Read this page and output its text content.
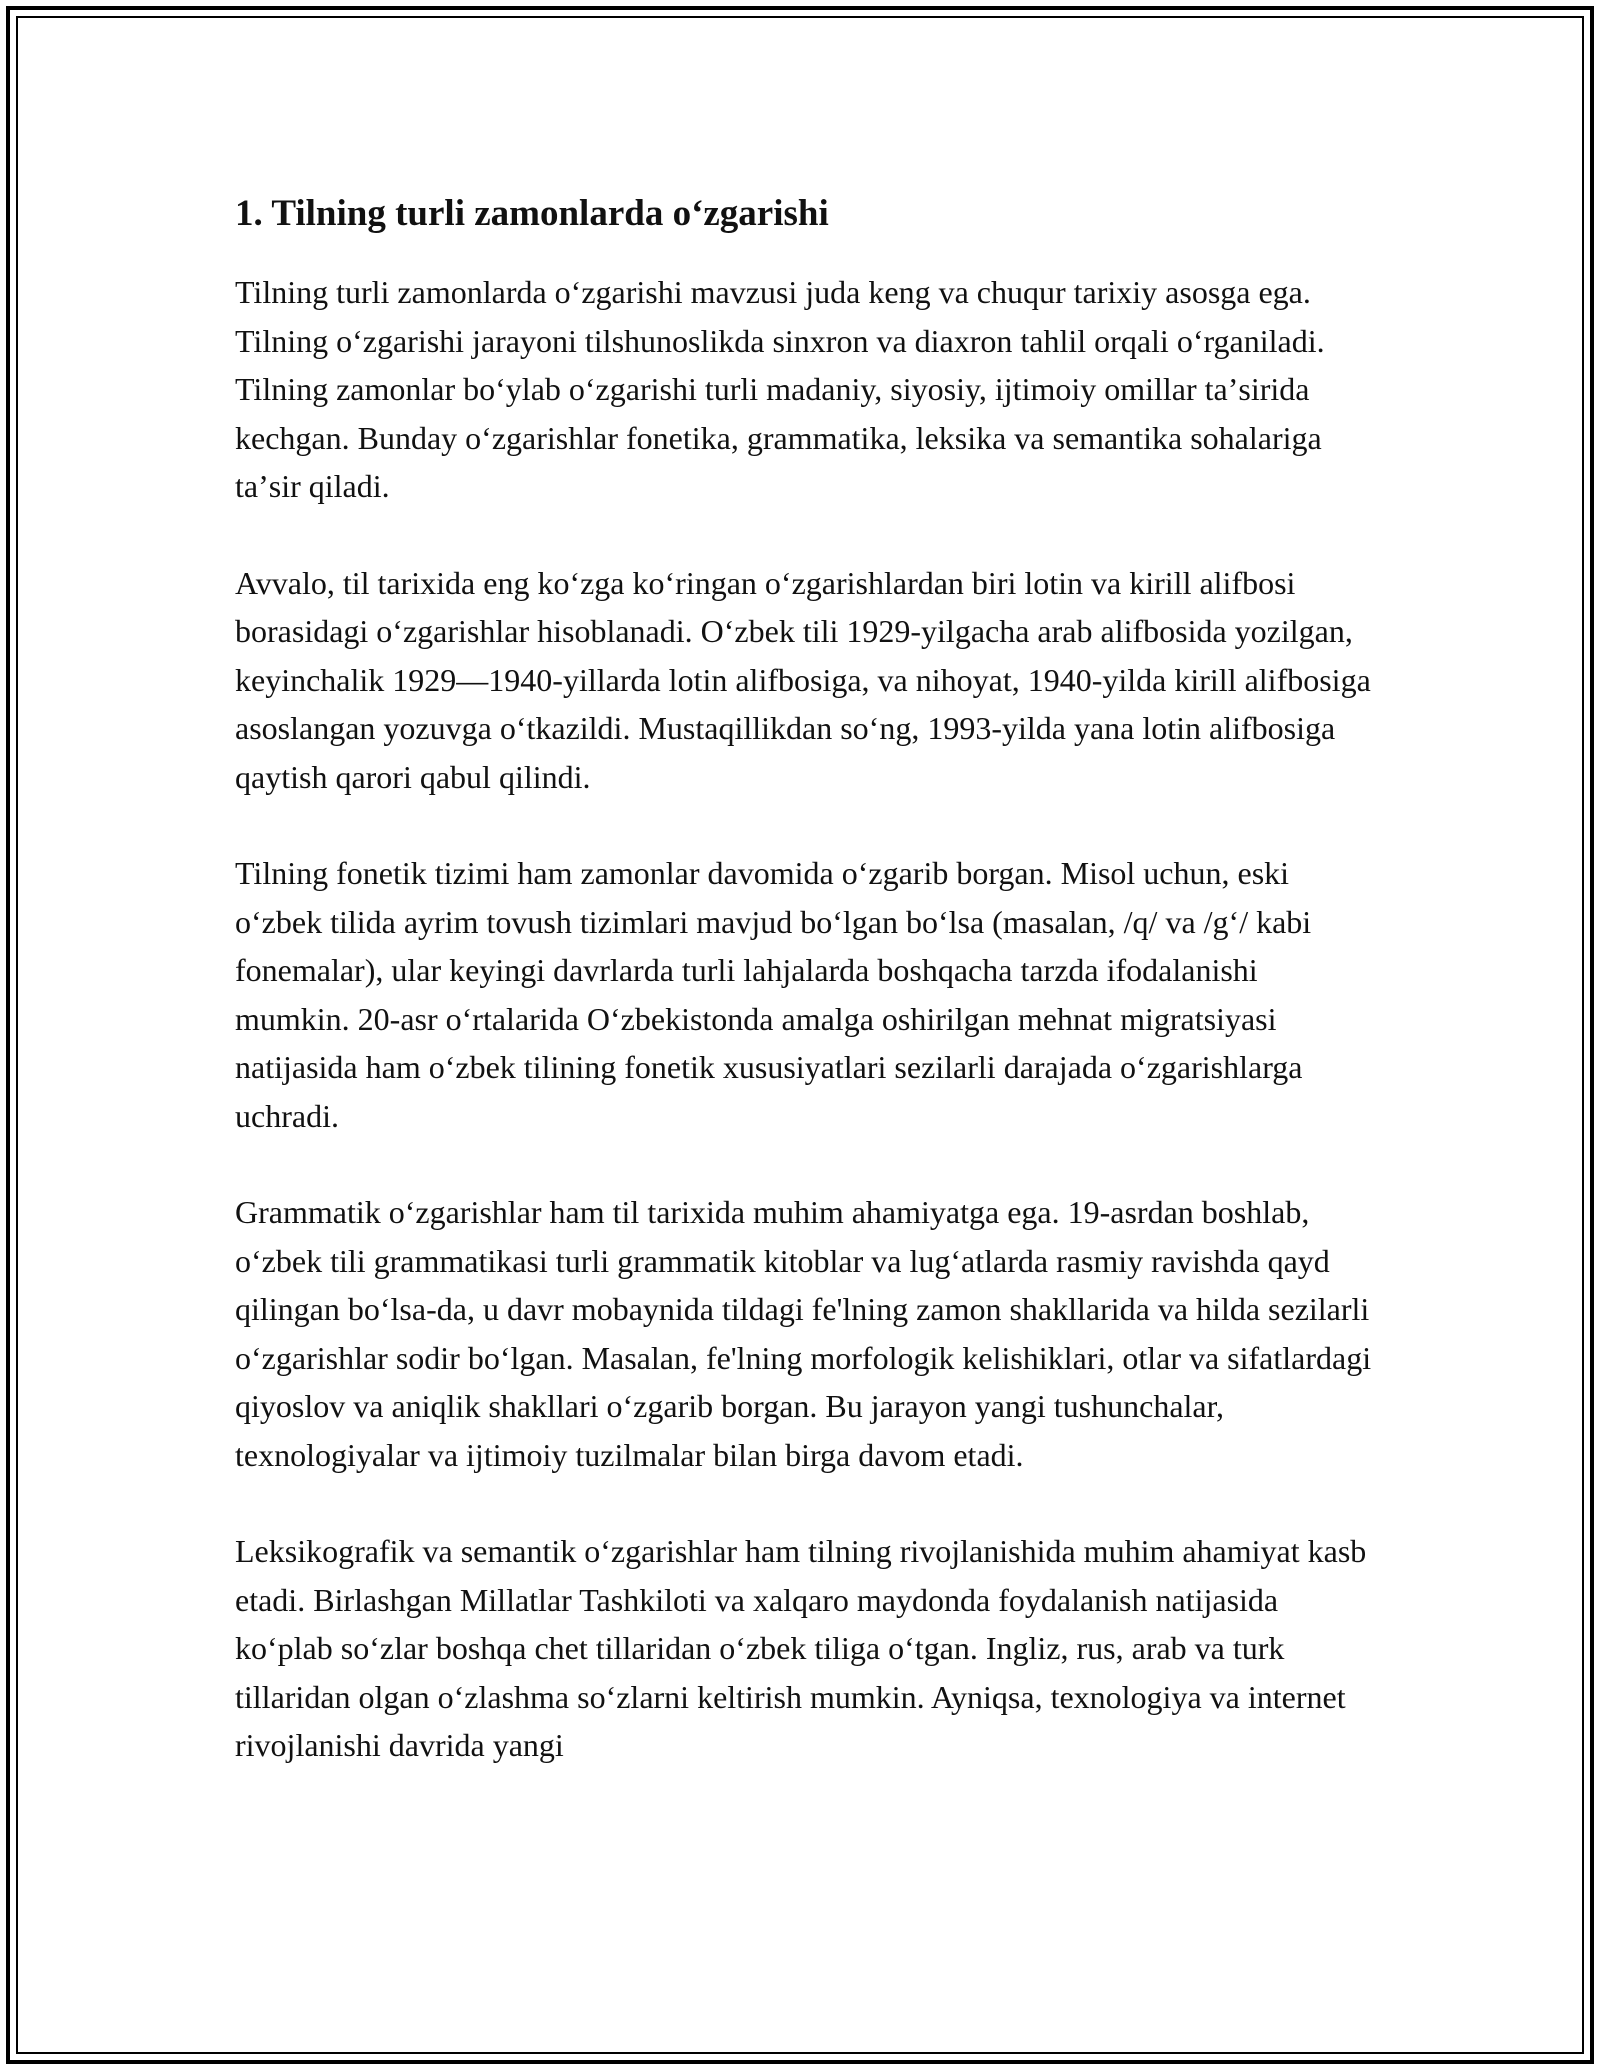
1. Tilning turli zamonlarda oʻzgarishi

Tilning turli zamonlarda oʻzgarishi mavzusi juda keng va chuqur tarixiy asosga ega. Tilning oʻzgarishi jarayoni tilshunoslikda sinxron va diaxron tahlil orqali oʻrganiladi. Tilning zamonlar boʻylab oʻzgarishi turli madaniy, siyosiy, ijtimoiy omillar taʼsirida kechgan. Bunday oʻzgarishlar fonetika, grammatika, leksika va semantika sohalariga taʼsir qiladi.

Avvalo, til tarixida eng koʻzga koʻringan oʻzgarishlardan biri lotin va kirill alifbosi borasidagi oʻzgarishlar hisoblanadi. Oʻzbek tili 1929-yilgacha arab alifbosida yozilgan, keyinchalik 1929—1940-yillarda lotin alifbosiga, va nihoyat, 1940-yilda kirill alifbosiga asoslangan yozuvga oʻtkazildi. Mustaqillikdan soʻng, 1993-yilda yana lotin alifbosiga qaytish qarori qabul qilindi.

Tilning fonetik tizimi ham zamonlar davomida oʻzgarib borgan. Misol uchun, eski oʻzbek tilida ayrim tovush tizimlari mavjud boʻlgan boʻlsa (masalan, /q/ va /gʻ/ kabi fonemalar), ular keyingi davrlarda turli lahjalarda boshqacha tarzda ifodalanishi mumkin. 20-asr oʻrtalarida Oʻzbekistonda amalga oshirilgan mehnat migratsiyasi natijasida ham oʻzbek tilining fonetik xususiyatlari sezilarli darajada oʻzgarishlarga uchradi.

Grammatik oʻzgarishlar ham til tarixida muhim ahamiyatga ega. 19-asrdan boshlab, oʻzbek tili grammatikasi turli grammatik kitoblar va lugʻatlarda rasmiy ravishda qayd qilingan boʻlsa-da, u davr mobaynida tildagi fe'lning zamon shakllarida va hilda sezilarli oʻzgarishlar sodir boʻlgan. Masalan, fe'lning morfologik kelishiklari, otlar va sifatlardagi qiyoslov va aniqlik shakllari oʻzgarib borgan. Bu jarayon yangi tushunchalar, texnologiyalar va ijtimoiy tuzilmalar bilan birga davom etadi.

Leksikografik va semantik oʻzgarishlar ham tilning rivojlanishida muhim ahamiyat kasb etadi. Birlashgan Millatlar Tashkiloti va xalqaro maydonda foydalanish natijasida koʻplab soʻzlar boshqa chet tillaridan oʻzbek tiliga oʻtgan. Ingliz, rus, arab va turk tillaridan olgan oʻzlashma soʻzlarni keltirish mumkin. Ayniqsa, texnologiya va internet rivojlanishi davrida yangi
